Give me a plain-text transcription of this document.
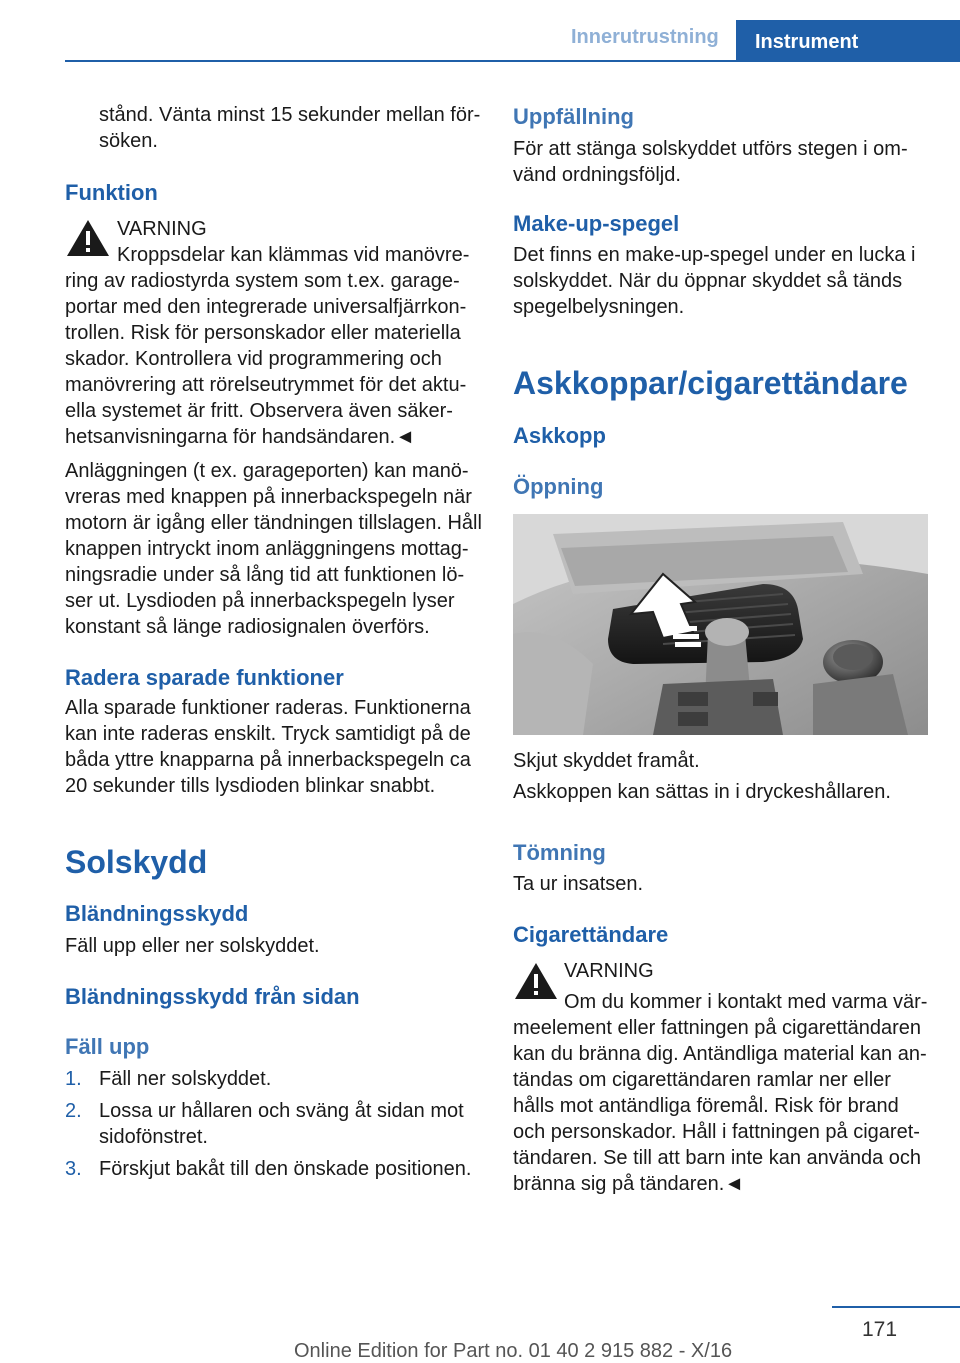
Innerutrustning	Instrument
stånd. Vänta minst 15 sekunder mellan för-
söken.
Funktion
VARNING
Kroppsdelar kan klämmas vid manövre-
ring av radiostyrda system som t.ex. garage-
portar med den integrerade universalfjärrkon-
trollen. Risk för personskador eller materiella
skador. Kontrollera vid programmering och
manövrering att rörelseutrymmet för det aktu-
ella systemet är fritt. Observera även säker-
hetsanvisningarna för handsändaren.◄
Anläggningen (t ex. garageporten) kan manö-
vreras med knappen på innerbackspegeln när
motorn är igång eller tändningen tillslagen. Håll
knappen intryckt inom anläggningens mottag-
ningsradie under så lång tid att funktionen lö-
ser ut. Lysdioden på innerbackspegeln lyser
konstant så länge radiosignalen överförs.
Radera sparade funktioner
Alla sparade funktioner raderas. Funktionerna
kan inte raderas enskilt. Tryck samtidigt på de
båda yttre knapparna på innerbackspegeln ca
20 sekunder tills lysdioden blinkar snabbt.
Solskydd
Bländningsskydd
Fäll upp eller ner solskyddet.
Bländningsskydd från sidan
Fäll upp
1. Fäll ner solskyddet.
2. Lossa ur hållaren och sväng åt sidan mot
sidofönstret.
3. Förskjut bakåt till den önskade positionen.
Uppfällning
För att stänga solskyddet utförs stegen i om-
vänd ordningsföljd.
Make-up-spegel
Det finns en make-up-spegel under en lucka i
solskyddet. När du öppnar skyddet så tänds
spegelbelysningen.
Askkoppar/cigarettändare
Askkopp
Öppning
Skjut skyddet framåt.
Askkoppen kan sättas in i dryckeshållaren.
Tömning
Ta ur insatsen.
Cigarettändare
VARNING
Om du kommer i kontakt med varma vär-
meelement eller fattningen på cigarettändaren
kan du bränna dig. Antändliga material kan an-
tändas om cigarettändaren ramlar ner eller
hålls mot antändliga föremål. Risk för brand
och personskador. Håll i fattningen på cigaret-
tändaren. Se till att barn inte kan använda och
bränna sig på tändaren.◄
171
Online Edition for Part no. 01 40 2 915 882 - X/16
